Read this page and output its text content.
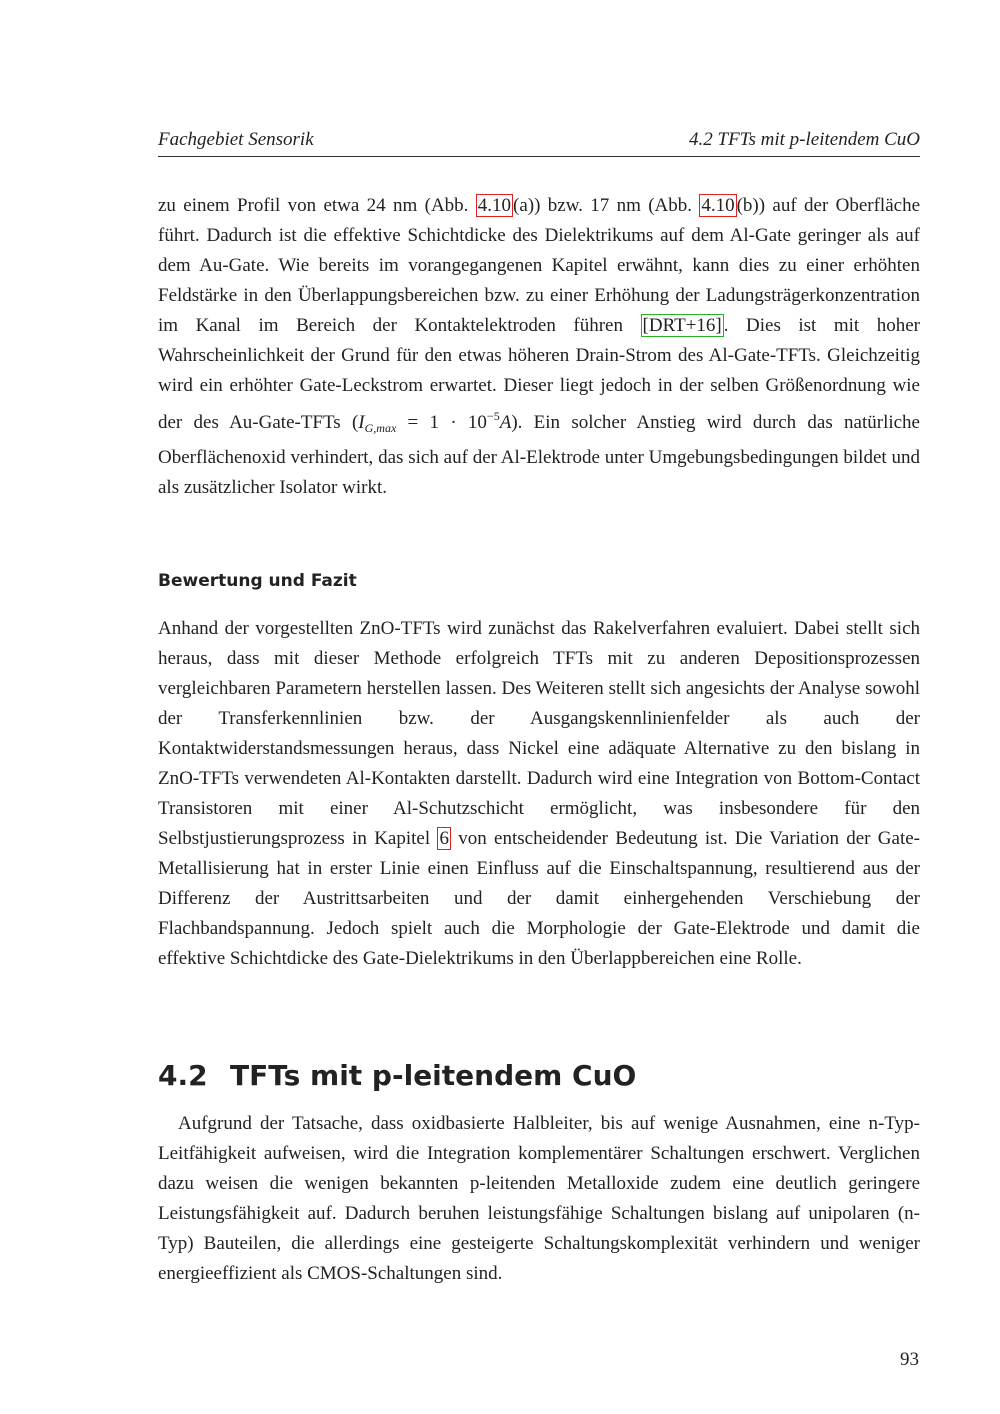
Fachgebiet Sensorik	4.2 TFTs mit p-leitendem CuO

zu einem Profil von etwa 24 nm (Abb. 4.10 (a)) bzw. 17 nm (Abb. 4.10 (b)) auf der Oberfläche führt. Dadurch ist die effektive Schichtdicke des Dielektrikums auf dem Al-Gate geringer als auf dem Au-Gate. Wie bereits im vorangegangenen Kapitel erwähnt, kann dies zu einer erhöhten Feldstärke in den Überlappungsbereichen bzw. zu einer Erhöhung der Ladungsträgerkonzentration im Kanal im Bereich der Kontaktelektroden führen [DRT+16] . Dies ist mit hoher Wahrscheinlichkeit der Grund für den etwas höheren Drain-Strom des Al-Gate-TFTs. Gleichzeitig wird ein erhöhter Gate-Leckstrom erwartet. Dieser liegt jedoch in der selben Größenordnung wie der des Au-Gate-TFTs $(I_{G,max} = 1 \cdot 10^{-5}A)$. Ein solcher Anstieg wird durch das natürliche Oberflächenoxid verhindert, das sich auf der Al-Elektrode unter Umgebungsbedingungen bildet und als zusätzlicher Isolator wirkt.

Bewertung und Fazit

Anhand der vorgestellten ZnO-TFTs wird zunächst das Rakelverfahren evaluiert. Dabei stellt sich heraus, dass mit dieser Methode erfolgreich TFTs mit zu anderen Depositionsprozessen vergleichbaren Parametern herstellen lassen. Des Weiteren stellt sich angesichts der Analyse sowohl der Transferkennlinien bzw. der Ausgangskennlinienfelder als auch der Kontaktwiderstandsmessungen heraus, dass Nickel eine adäquate Alternative zu den bislang in ZnO-TFTs verwendeten Al-Kontakten darstellt. Dadurch wird eine Integration von Bottom-Contact Transistoren mit einer Al-Schutzschicht ermöglicht, was insbesondere für den Selbstjustierungsprozess in Kapitel 6 von entscheidender Bedeutung ist. Die Variation der Gate-Metallisierung hat in erster Linie einen Einfluss auf die Einschaltspannung, resultierend aus der Differenz der Austrittsarbeiten und der damit einhergehenden Verschiebung der Flachbandspannung. Jedoch spielt auch die Morphologie der Gate-Elektrode und damit die effektive Schichtdicke des Gate-Dielektrikums in den Überlappbereichen eine Rolle.

4.2 TFTs mit p-leitendem CuO

Aufgrund der Tatsache, dass oxidbasierte Halbleiter, bis auf wenige Ausnahmen, eine n-Typ-Leitfähigkeit aufweisen, wird die Integration komplementärer Schaltungen erschwert. Verglichen dazu weisen die wenigen bekannten p-leitenden Metalloxide zudem eine deutlich geringere Leistungsfähigkeit auf. Dadurch beruhen leistungsfähige Schaltungen bislang auf unipolaren (n-Typ) Bauteilen, die allerdings eine gesteigerte Schaltungskomplexität verhindern und weniger energieeffizient als CMOS-Schaltungen sind.

93
